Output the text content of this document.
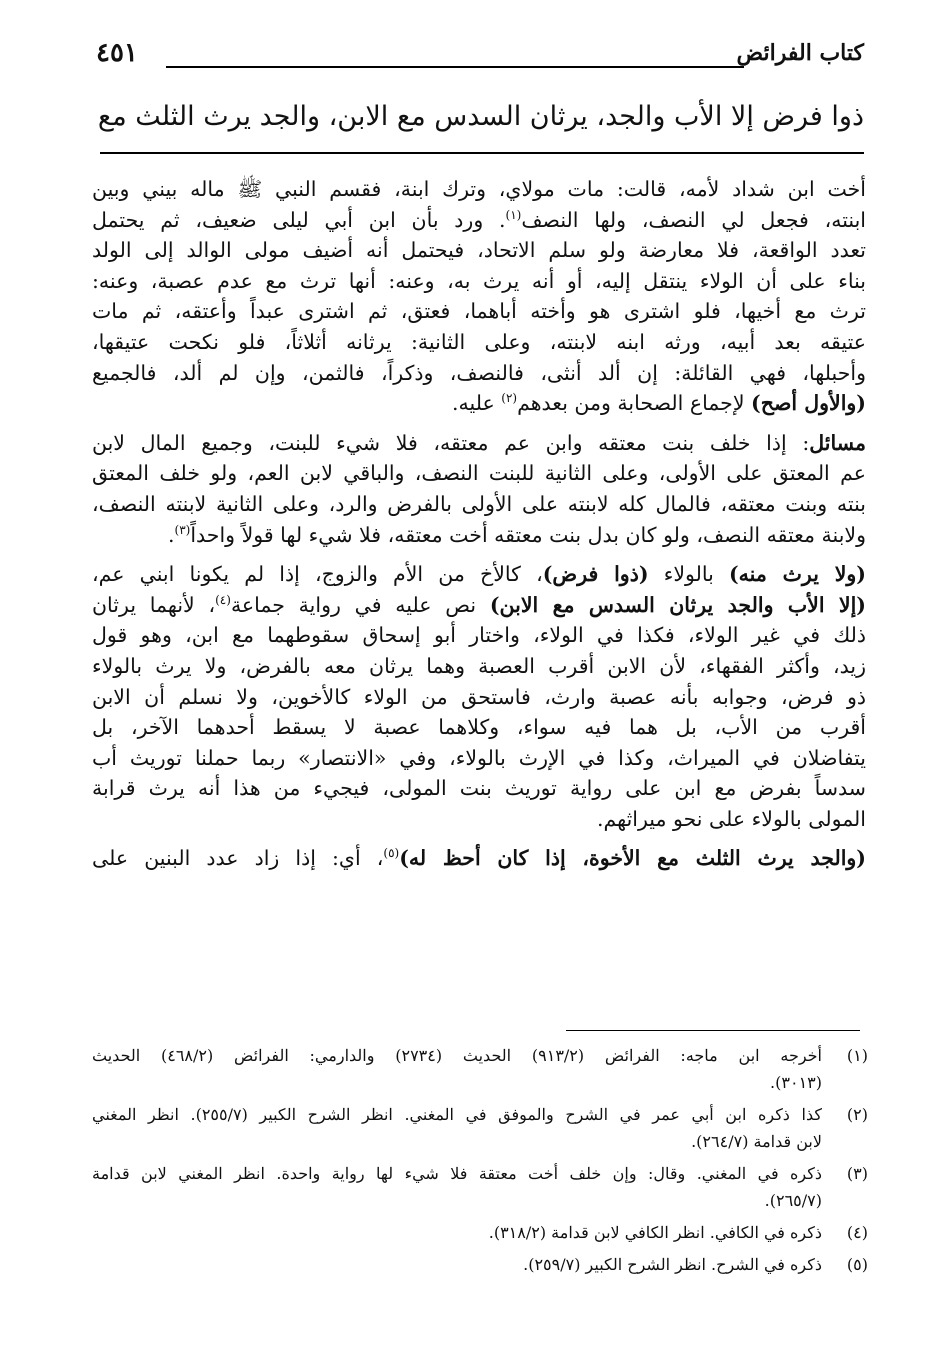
كتاب الفرائض
٤٥١
ذوا فرض إلا الأب والجد، يرثان السدس مع الابن، والجد يرث الثلث مع

أخت ابن شداد لأمه، قالت: مات مولاي، وترك ابنة، فقسم النبي ﷺ ماله بيني وبين
ابنته، فجعل لي النصف، ولها النصف$^{(١)}$. ورد بأن ابن أبي ليلى ضعيف، ثم يحتمل
تعدد الواقعة، فلا معارضة ولو سلم الاتحاد، فيحتمل أنه أضيف مولى الوالد إلى الولد
بناء على أن الولاء ينتقل إليه، أو أنه يرث به، وعنه: أنها ترث مع عدم عصبة، وعنه:
ترث مع أخيها، فلو اشترى هو وأخته أباهما، فعتق، ثم اشترى عبداً وأعتقه، ثم مات
عتيقه بعد أبيه، ورثه ابنه لابنته، وعلى الثانية: يرثانه أثلاثاً، فلو نكحت عتيقها،
وأحبلها، فهي القائلة: إن ألد أنثى، فالنصف، وذكراً، فالثمن، وإن لم ألد، فالجميع
(والأول أصح) لإجماع الصحابة ومن بعدهم$^{(٢)}$ عليه.

مسائل: إذا خلف بنت معتقه وابن عم معتقه، فلا شيء للبنت، وجميع المال لابن
عم المعتق على الأولى، وعلى الثانية للبنت النصف، والباقي لابن العم، ولو خلف المعتق
بنته وبنت معتقه، فالمال كله لابنته على الأولى بالفرض والرد، وعلى الثانية لابنته النصف،
ولابنة معتقه النصف، ولو كان بدل بنت معتقه أخت معتقه، فلا شيء لها قولاً واحداً$^{(٣)}$.

(ولا يرث منه) بالولاء (ذوا فرض)، كالأخ من الأم والزوج، إذا لم يكونا ابني عم،
(إلا الأب والجد يرثان السدس مع الابن) نص عليه في رواية جماعة$^{(٤)}$، لأنهما يرثان
ذلك في غير الولاء، فكذا في الولاء، واختار أبو إسحاق سقوطهما مع ابن، وهو قول
زيد، وأكثر الفقهاء، لأن الابن أقرب العصبة وهما يرثان معه بالفرض، ولا يرث بالولاء
ذو فرض، وجوابه بأنه عصبة وارث، فاستحق من الولاء كالأخوين، ولا نسلم أن الابن
أقرب من الأب، بل هما فيه سواء، وكلاهما عصبة لا يسقط أحدهما الآخر، بل
يتفاضلان في الميراث، وكذا في الإرث بالولاء، وفي «الانتصار» ربما حملنا توريث أب
سدساً بفرض مع ابن على رواية توريث بنت المولى، فيجيء من هذا أنه يرث قرابة
المولى بالولاء على نحو ميراثهم.

(والجد يرث الثلث مع الأخوة، إذا كان أحظ له)$^{(٥)}$، أي: إذا زاد عدد البنين على

(١)
أخرجه ابن ماجه: الفرائض (٩١٣/٢) الحديث (٢٧٣٤) والدارمي: الفرائض (٤٦٨/٢) الحديث
(٣٠١٣).
(٢)
كذا ذكره ابن أبي عمر في الشرح والموفق في المغني. انظر الشرح الكبير (٢٥٥/٧). انظر المغني
لابن قدامة (٢٦٤/٧).
(٣)
ذكره في المغني. وقال: وإن خلف أخت معتقة فلا شيء لها رواية واحدة. انظر المغني لابن قدامة
(٢٦٥/٧).
(٤)
ذكره في الكافي. انظر الكافي لابن قدامة (٣١٨/٢).
(٥)
ذكره في الشرح. انظر الشرح الكبير (٢٥٩/٧).
